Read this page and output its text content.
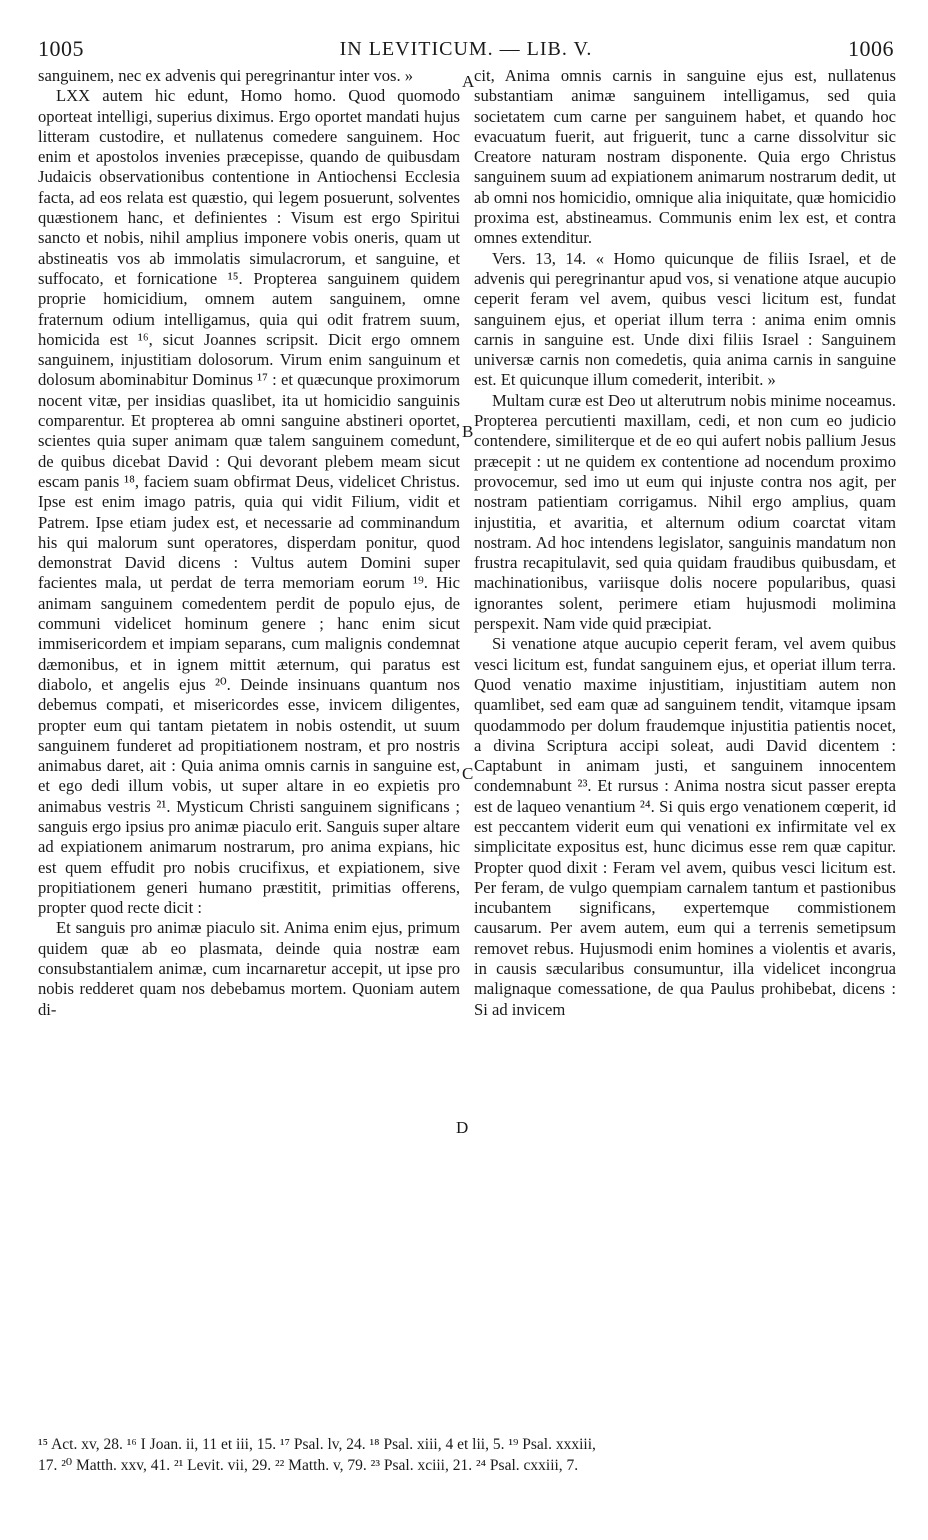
1005	IN LEVITICUM. — LIB. V.	1006
A
B
C
D

sanguinem, nec ex advenis qui peregrinantur inter vos. »

LXX autem hic edunt, Homo homo. Quod quomodo oporteat intelligi, superius diximus. Ergo oportet mandati hujus litteram custodire, et nullatenus comedere sanguinem. Hoc enim et apostolos invenies præcepisse, quando de quibusdam Judaicis observationibus contentione in Antiochensi Ecclesia facta, ad eos relata est quæstio, qui legem posuerunt, solventes quæstionem hanc, et definientes : Visum est ergo Spiritui sancto et nobis, nihil amplius imponere vobis oneris, quam ut abstineatis vos ab immolatis simulacrorum, et sanguine, et suffocato, et fornicatione ¹⁵. Propterea sanguinem quidem proprie homicidium, omnem autem sanguinem, omne fraternum odium intelligamus, quia qui odit fratrem suum, homicida est ¹⁶, sicut Joannes scripsit. Dicit ergo omnem sanguinem, injustitiam dolosorum. Virum enim sanguinum et dolosum abominabitur Dominus ¹⁷ : et quæcunque proximorum nocent vitæ, per insidias quaslibet, ita ut homicidio sanguinis comparentur. Et propterea ab omni sanguine abstineri oportet, scientes quia super animam quæ talem sanguinem comedunt, de quibus dicebat David : Qui devorant plebem meam sicut escam panis ¹⁸, faciem suam obfirmat Deus, videlicet Christus. Ipse est enim imago patris, quia qui vidit Filium, vidit et Patrem. Ipse etiam judex est, et necessarie ad comminandum his qui malorum sunt operatores, disperdam ponitur, quod demonstrat David dicens : Vultus autem Domini super facientes mala, ut perdat de terra memoriam eorum ¹⁹. Hic animam sanguinem comedentem perdit de populo ejus, de communi videlicet hominum genere ; hanc enim sicut immisericordem et impiam separans, cum malignis condemnat dæmonibus, et in ignem mittit æternum, qui paratus est diabolo, et angelis ejus ²⁰. Deinde insinuans quantum nos debemus compati, et misericordes esse, invicem diligentes, propter eum qui tantam pietatem in nobis ostendit, ut suum sanguinem funderet ad propitiationem nostram, et pro nostris animabus daret, ait : Quia anima omnis carnis in sanguine est, et ego dedi illum vobis, ut super altare in eo expietis pro animabus vestris ²¹. Mysticum Christi sanguinem significans ; sanguis ergo ipsius pro animæ piaculo erit. Sanguis super altare ad expiationem animarum nostrarum, pro anima expians, hic est quem effudit pro nobis crucifixus, et expiationem, sive propitiationem generi humano præstitit, primitias offerens, propter quod recte dicit :

Et sanguis pro animæ piaculo sit. Anima enim ejus, primum quidem quæ ab eo plasmata, deinde quia nostræ eam consubstantialem animæ, cum incarnaretur accepit, ut ipse pro nobis redderet quam nos debebamus mortem. Quoniam autem di-

cit, Anima omnis carnis in sanguine ejus est, nullatenus substantiam animæ sanguinem intelligamus, sed quia societatem cum carne per sanguinem habet, et quando hoc evacuatum fuerit, aut friguerit, tunc a carne dissolvitur sic Creatore naturam nostram disponente. Quia ergo Christus sanguinem suum ad expiationem animarum nostrarum dedit, ut ab omni nos homicidio, omnique alia iniquitate, quæ homicidio proxima est, abstineamus. Communis enim lex est, et contra omnes extenditur.

Vers. 13, 14. « Homo quicunque de filiis Israel, et de advenis qui peregrinantur apud vos, si venatione atque aucupio ceperit feram vel avem, quibus vesci licitum est, fundat sanguinem ejus, et operiat illum terra : anima enim omnis carnis in sanguine est. Unde dixi filiis Israel : Sanguinem universæ carnis non comedetis, quia anima carnis in sanguine est. Et quicunque illum comederit, interibit. »

Multam curæ est Deo ut alterutrum nobis minime noceamus. Propterea percutienti maxillam, cedi, et non cum eo judicio contendere, similiterque et de eo qui aufert nobis pallium Jesus præcepit : ut ne quidem ex contentione ad nocendum proximo provocemur, sed imo ut eum qui injuste contra nos agit, per nostram patientiam corrigamus. Nihil ergo amplius, quam injustitia, et avaritia, et alternum odium coarctat vitam nostram. Ad hoc intendens legislator, sanguinis mandatum non frustra recapitulavit, sed quia quidam fraudibus quibusdam, et machinationibus, variisque dolis nocere popularibus, quasi ignorantes solent, perimere etiam hujusmodi molimina perspexit. Nam vide quid præcipiat.

Si venatione atque aucupio ceperit feram, vel avem quibus vesci licitum est, fundat sanguinem ejus, et operiat illum terra. Quod venatio maxime injustitiam, injustitiam autem non quamlibet, sed eam quæ ad sanguinem tendit, vitamque ipsam quodammodo per dolum fraudemque injustitia patientis nocet, a divina Scriptura accipi soleat, audi David dicentem : Captabunt in animam justi, et sanguinem innocentem condemnabunt ²³. Et rursus : Anima nostra sicut passer erepta est de laqueo venantium ²⁴. Si quis ergo venationem cœperit, id est peccantem viderit eum qui venationi ex infirmitate vel ex simplicitate expositus est, hunc dicimus esse rem quæ capitur. Propter quod dixit : Feram vel avem, quibus vesci licitum est. Per feram, de vulgo quempiam carnalem tantum et pastionibus incubantem significans, expertemque commistionem causarum. Per avem autem, eum qui a terrenis semetipsum removet rebus. Hujusmodi enim homines a violentis et avaris, in causis sæcularibus consumuntur, illa videlicet incongrua malignaque comessatione, de qua Paulus prohibebat, dicens : Si ad invicem

¹⁵ Act. xv, 28. ¹⁶ I Joan. ii, 11 et iii, 15. ¹⁷ Psal. lv, 24. ¹⁸ Psal. xiii, 4 et lii, 5. ¹⁹ Psal. xxxiii,

17. ²⁰ Matth. xxv, 41. ²¹ Levit. vii, 29. ²² Matth. v, 79. ²³ Psal. xciii, 21. ²⁴ Psal. cxxiii, 7.
